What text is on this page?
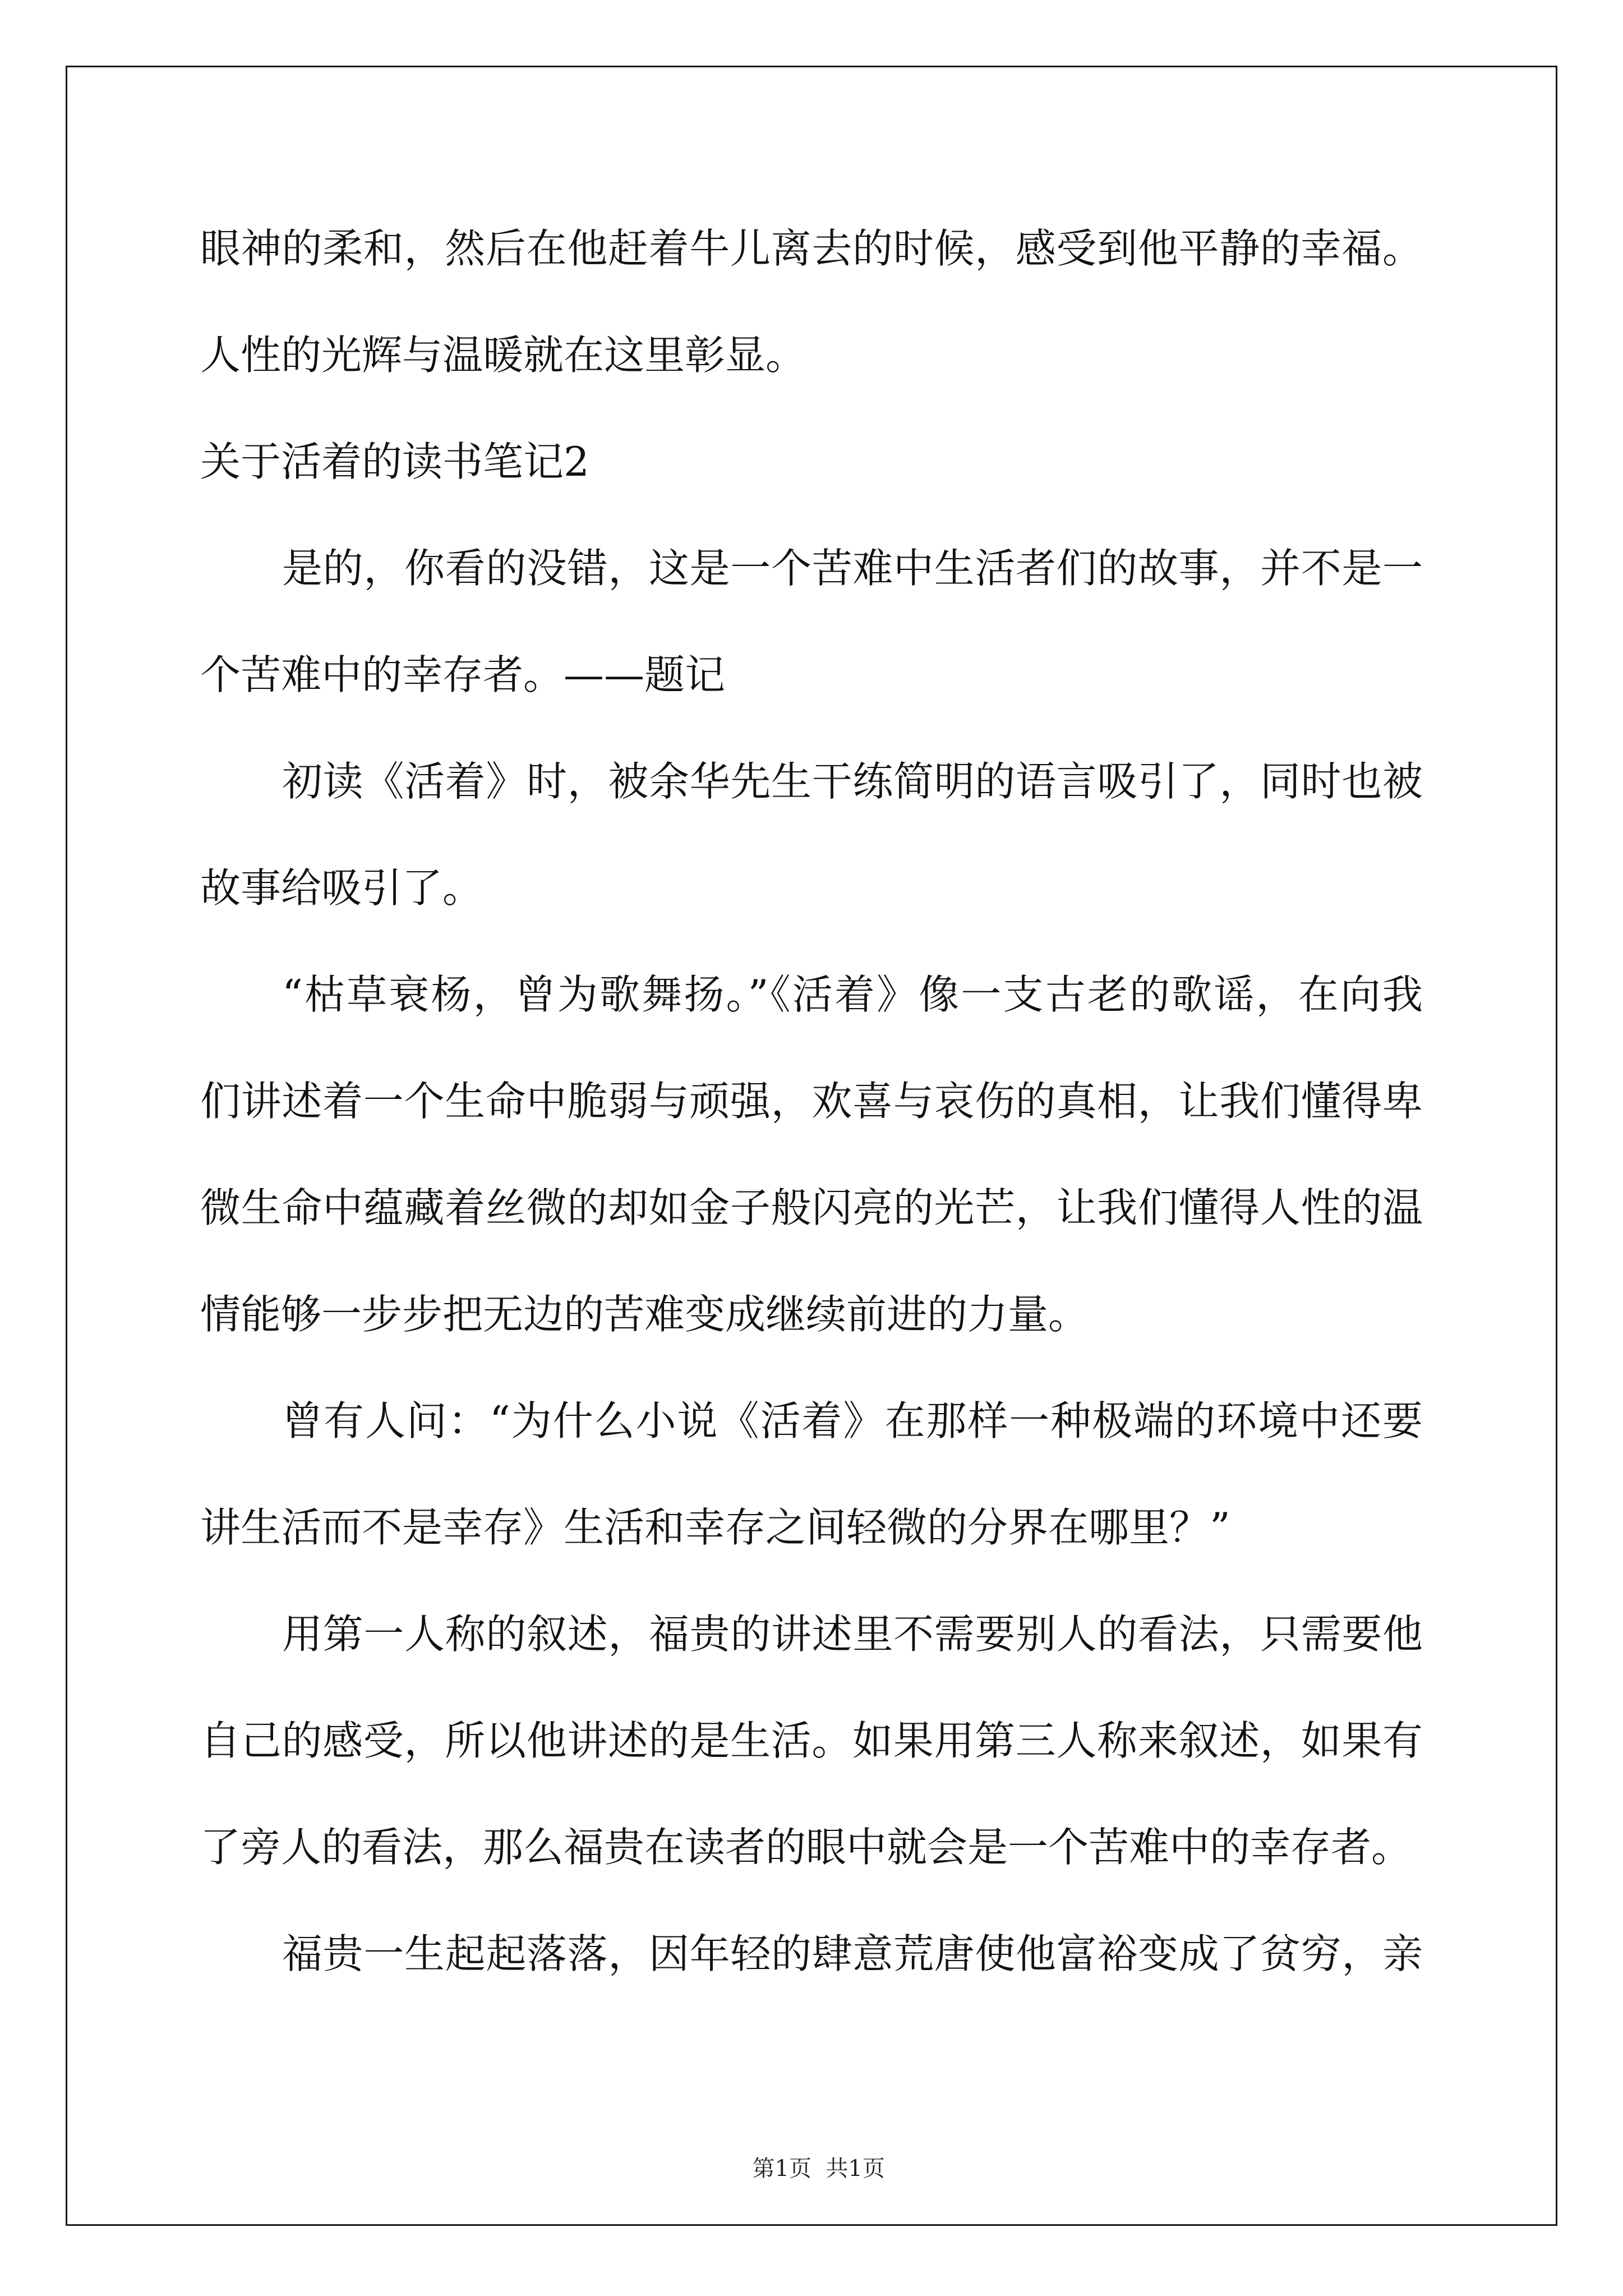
眼神的柔和，然后在他赶着牛儿离去的时候，感受到他平静的幸福。
人性的光辉与温暖就在这里彰显。
关于活着的读书笔记2
是的，你看的没错，这是一个苦难中生活者们的故事，并不是一
个苦难中的幸存者。——题记
初读《活着》时，被余华先生干练简明的语言吸引了，同时也被
故事给吸引了。
“枯草衰杨，曾为歌舞扬。”《活着》像一支古老的歌谣，在向我
们讲述着一个生命中脆弱与顽强，欢喜与哀伤的真相，让我们懂得卑
微生命中蕴藏着丝微的却如金子般闪亮的光芒，让我们懂得人性的温
情能够一步步把无边的苦难变成继续前进的力量。
曾有人问：“为什么小说《活着》在那样一种极端的环境中还要
讲生活而不是幸存》生活和幸存之间轻微的分界在哪里？”
用第一人称的叙述，福贵的讲述里不需要别人的看法，只需要他
自己的感受，所以他讲述的是生活。如果用第三人称来叙述，如果有
了旁人的看法，那么福贵在读者的眼中就会是一个苦难中的幸存者。
福贵一生起起落落，因年轻的肆意荒唐使他富裕变成了贫穷，亲

第1页  共1页
